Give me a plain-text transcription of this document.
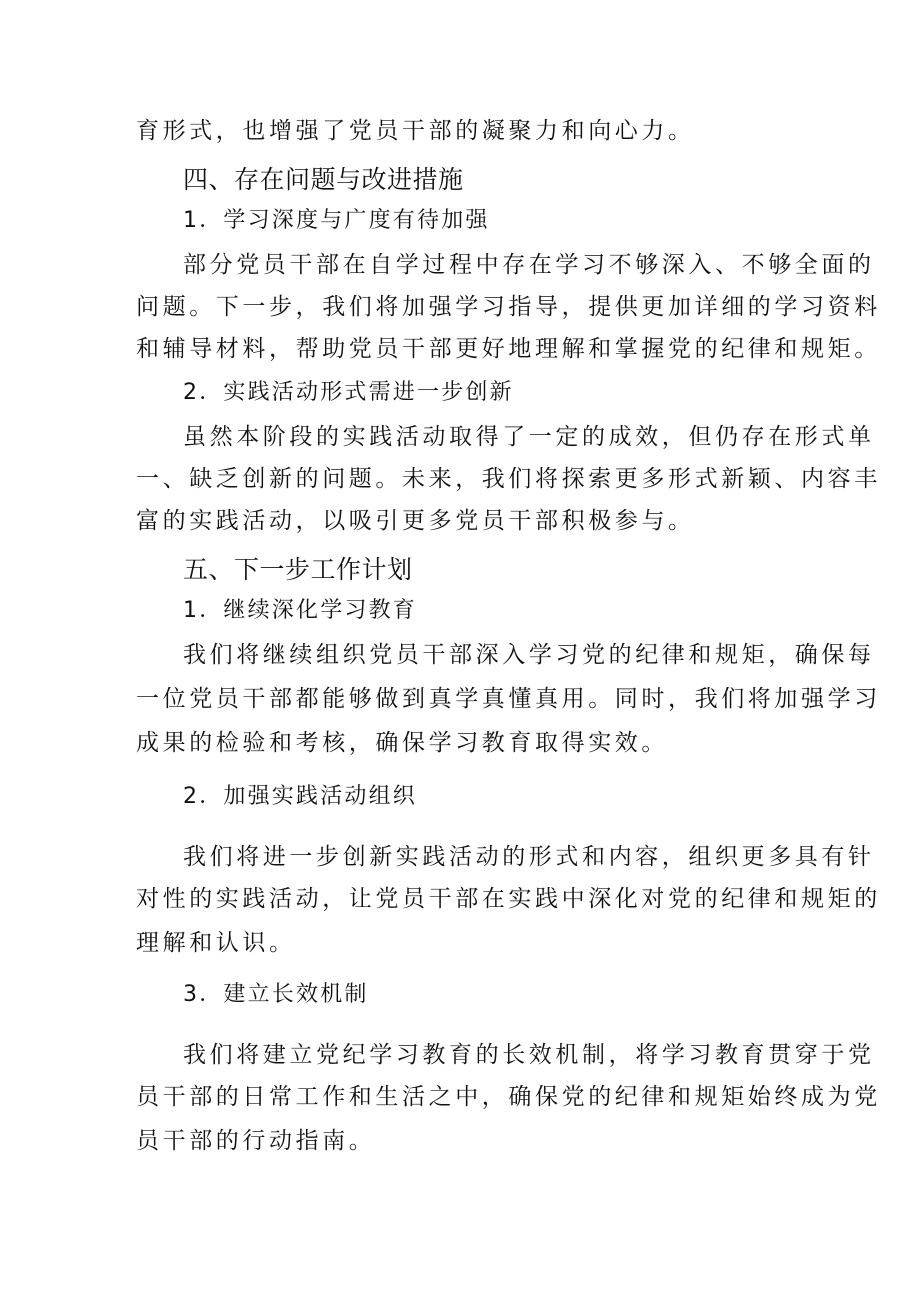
育形式，也增强了党员干部的凝聚力和向心力。
四、存在问题与改进措施
1．学习深度与广度有待加强
部分党员干部在自学过程中存在学习不够深入、不够全面的
问题。下一步，我们将加强学习指导，提供更加详细的学习资料
和辅导材料，帮助党员干部更好地理解和掌握党的纪律和规矩。
2．实践活动形式需进一步创新
虽然本阶段的实践活动取得了一定的成效，但仍存在形式单
一、缺乏创新的问题。未来，我们将探索更多形式新颖、内容丰
富的实践活动，以吸引更多党员干部积极参与。
五、下一步工作计划
1．继续深化学习教育
我们将继续组织党员干部深入学习党的纪律和规矩，确保每
一位党员干部都能够做到真学真懂真用。同时，我们将加强学习
成果的检验和考核，确保学习教育取得实效。
2．加强实践活动组织
我们将进一步创新实践活动的形式和内容，组织更多具有针
对性的实践活动，让党员干部在实践中深化对党的纪律和规矩的
理解和认识。
3．建立长效机制
我们将建立党纪学习教育的长效机制，将学习教育贯穿于党
员干部的日常工作和生活之中，确保党的纪律和规矩始终成为党
员干部的行动指南。
